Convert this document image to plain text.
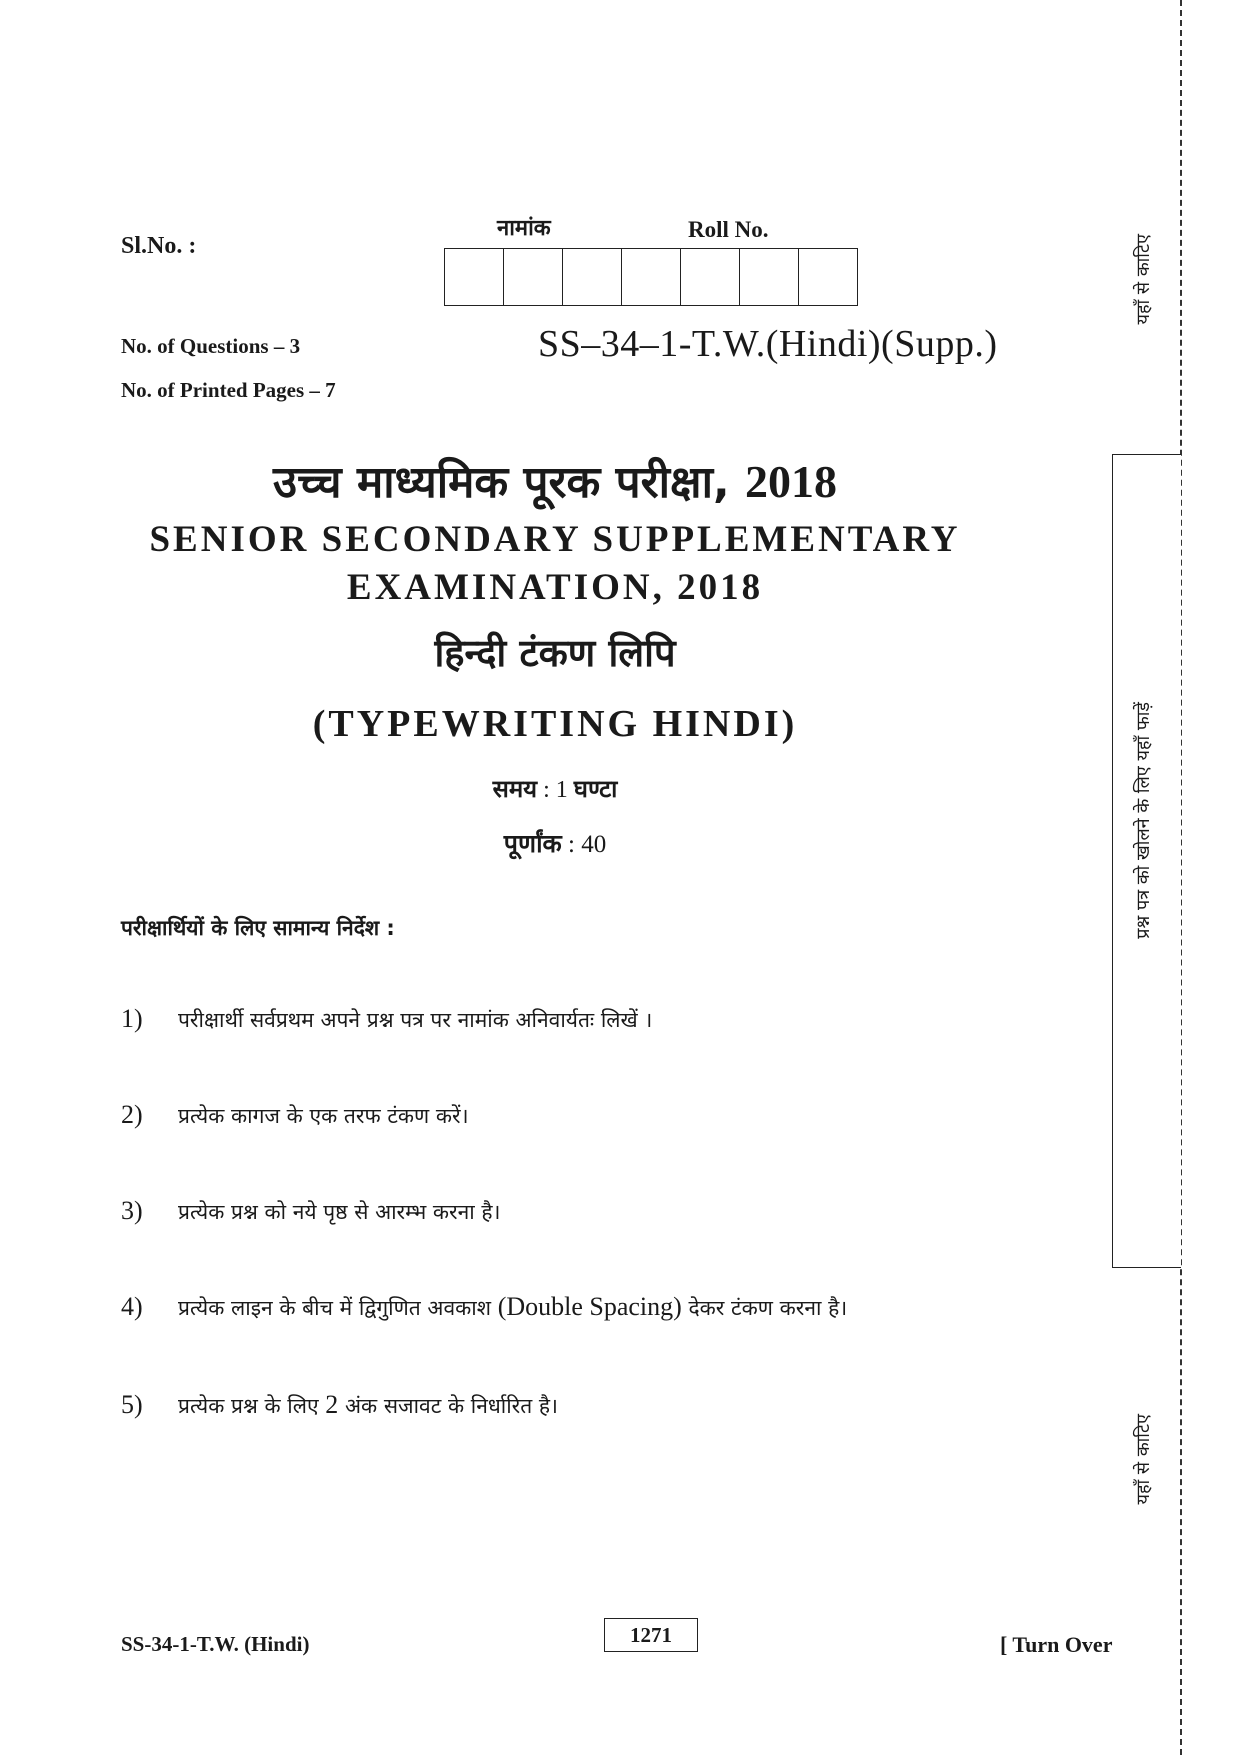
Sl.No. :
नामांक	Roll No.
No. of Questions – 3
No. of Printed Pages – 7
SS–34–1-T.W.(Hindi)(Supp.)
उच्च माध्यमिक पूरक परीक्षा, 2018
SENIOR SECONDARY SUPPLEMENTARY
EXAMINATION, 2018
हिन्दी टंकण लिपि
(TYPEWRITING HINDI)
समय : 1 घण्टा
पूर्णांक : 40
परीक्षार्थियों के लिए सामान्य निर्देश :
1)	परीक्षार्थी सर्वप्रथम अपने प्रश्न पत्र पर नामांक अनिवार्यतः लिखें ।
2)	प्रत्येक कागज के एक तरफ टंकण करें।
3)	प्रत्येक प्रश्न को नये पृष्ठ से आरम्भ करना है।
4)	प्रत्येक लाइन के बीच में द्विगुणित अवकाश
(Double Spacing)
देकर टंकण करना है।
5)	प्रत्येक प्रश्न के लिए
2
अंक सजावट के निर्धारित है।
SS-34-1-T.W. (Hindi)	1271	[ Turn Over
यहाँ से काटिए
प्रश्न पत्र को खोलने के लिए यहाँ फाड़ें
यहाँ से काटिए
